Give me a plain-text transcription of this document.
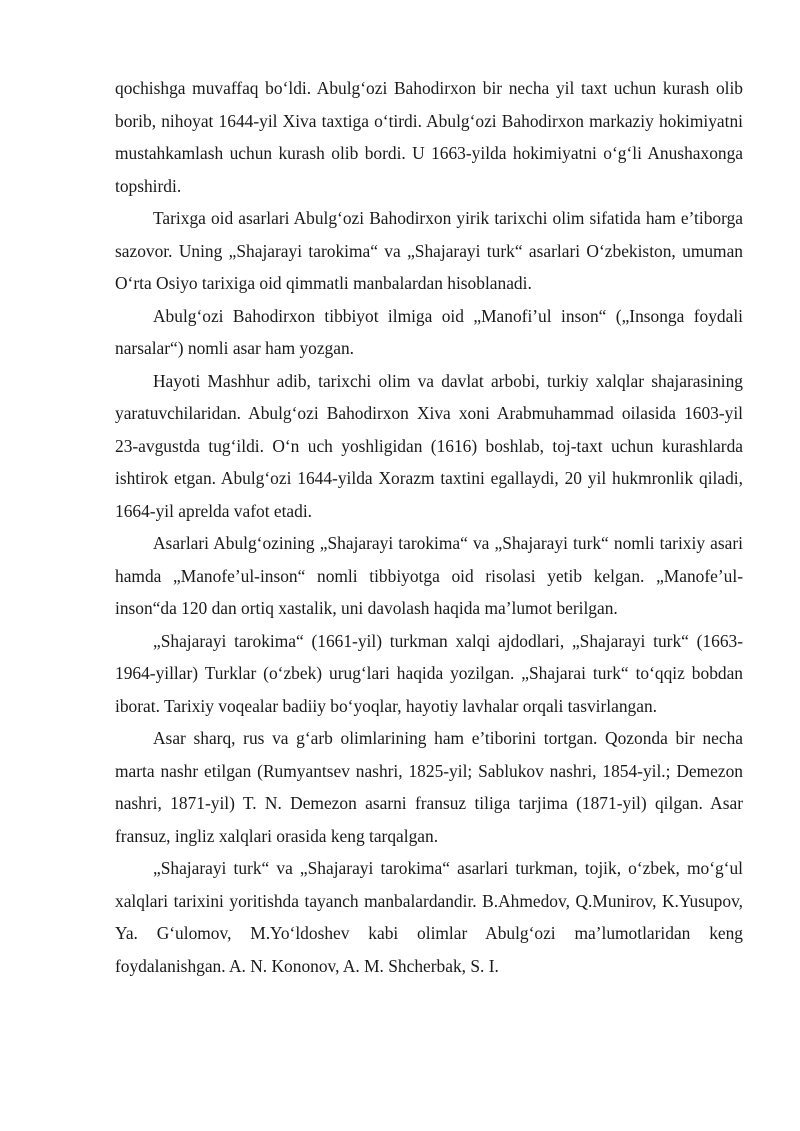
qochishga muvaffaq bo‘ldi. Abulg‘ozi Bahodirxon bir necha yil taxt uchun kurash olib borib, nihoyat 1644-yil Xiva taxtiga o‘tirdi. Abulg‘ozi Bahodirxon markaziy hokimiyatni mustahkamlash uchun kurash olib bordi. U 1663-yilda hokimiyatni o‘g‘li Anushaxonga topshirdi.

Tarixga oid asarlari Abulg‘ozi Bahodirxon yirik tarixchi olim sifatida ham e’tiborga sazovor. Uning „Shajarayi tarokima“ va „Shajarayi turk“ asarlari O‘zbekiston, umuman O‘rta Osiyo tarixiga oid qimmatli manbalardan hisoblanadi.

Abulg‘ozi Bahodirxon tibbiyot ilmiga oid „Manofi’ul inson“ („Insonga foydali narsalar“) nomli asar ham yozgan.

Hayoti Mashhur adib, tarixchi olim va davlat arbobi, turkiy xalqlar shajarasining yaratuvchilaridan. Abulg‘ozi Bahodirxon Xiva xoni Arabmuhammad oilasida 1603-yil 23-avgustda tug‘ildi. O‘n uch yoshligidan (1616) boshlab, toj-taxt uchun kurashlarda ishtirok etgan. Abulg‘ozi 1644-yilda Xorazm taxtini egallaydi, 20 yil hukmronlik qiladi, 1664-yil aprelda vafot etadi.

Asarlari Abulg‘ozining „Shajarayi tarokima“ va „Shajarayi turk“ nomli tarixiy asari hamda „Manofe’ul-inson“ nomli tibbiyotga oid risolasi yetib kelgan. „Manofe’ul-inson“da 120 dan ortiq xastalik, uni davolash haqida ma’lumot berilgan.

„Shajarayi tarokima“ (1661-yil) turkman xalqi ajdodlari, „Shajarayi turk“ (1663-1964-yillar) Turklar (o‘zbek) urug‘lari haqida yozilgan. „Shajarai turk“ to‘qqiz bobdan iborat. Tarixiy voqealar badiiy bo‘yoqlar, hayotiy lavhalar orqali tasvirlangan.

Asar sharq, rus va g‘arb olimlarining ham e’tiborini tortgan. Qozonda bir necha marta nashr etilgan (Rumyantsev nashri, 1825-yil; Sablukov nashri, 1854-yil.; Demezon nashri, 1871-yil) T. N. Demezon asarni fransuz tiliga tarjima (1871-yil) qilgan. Asar fransuz, ingliz xalqlari orasida keng tarqalgan.

„Shajarayi turk“ va „Shajarayi tarokima“ asarlari turkman, tojik, o‘zbek, mo‘g‘ul xalqlari tarixini yoritishda tayanch manbalardandir. B.Ahmedov, Q.Munirov, K.Yusupov, Ya. G‘ulomov, M.Yo‘ldoshev kabi olimlar Abulg‘ozi ma’lumotlaridan keng foydalanishgan. A. N. Kononov, A. M. Shcherbak, S. I.
